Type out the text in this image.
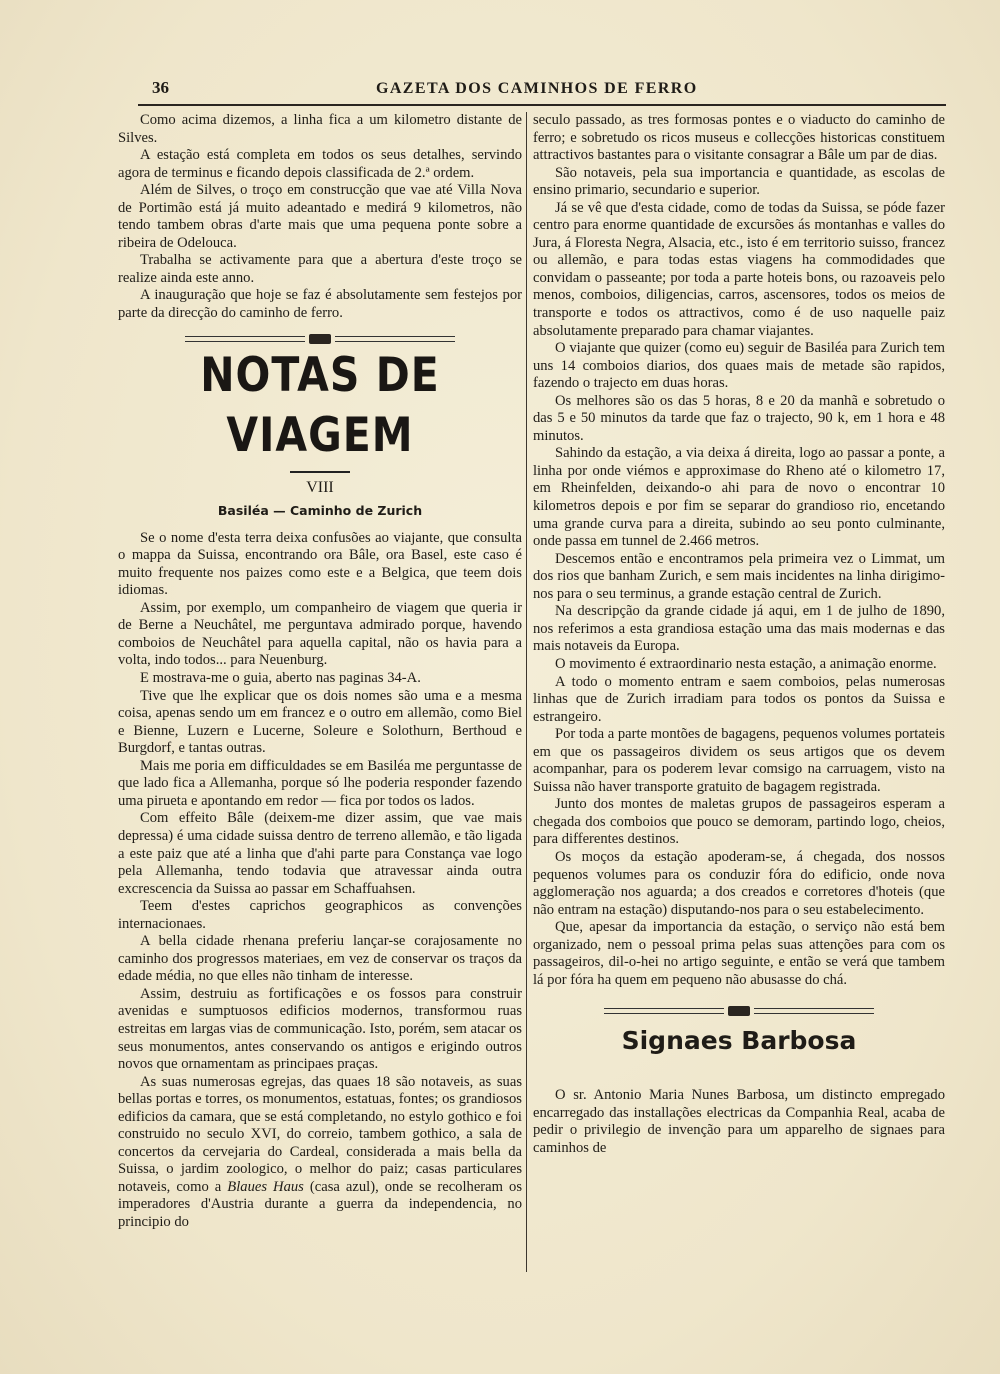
36	GAZETA DOS CAMINHOS DE FERRO

Como acima dizemos, a linha fica a um kilometro distante de Silves.

A estação está completa em todos os seus detalhes, servindo agora de terminus e ficando depois classificada de 2.ª ordem.

Além de Silves, o troço em construcção que vae até Villa Nova de Portimão está já muito adeantado e medirá 9 kilometros, não tendo tambem obras d'arte mais que uma pequena ponte sobre a ribeira de Odelouca.

Trabalha se activamente para que a abertura d'este troço se realize ainda este anno.

A inauguração que hoje se faz é absolutamente sem festejos por parte da direcção do caminho de ferro.

NOTAS DE VIAGEM
VIII
Basiléa — Caminho de Zurich

Se o nome d'esta terra deixa confusões ao viajante, que consulta o mappa da Suissa, encontrando ora Bâle, ora Basel, este caso é muito frequente nos paizes como este e a Belgica, que teem dois idiomas.

Assim, por exemplo, um companheiro de viagem que queria ir de Berne a Neuchâtel, me perguntava admirado porque, havendo comboios de Neuchâtel para aquella capital, não os havia para a volta, indo todos... para Neuenburg.

E mostrava-me o guia, aberto nas paginas 34-A.

Tive que lhe explicar que os dois nomes são uma e a mesma coisa, apenas sendo um em francez e o outro em allemão, como Biel e Bienne, Luzern e Lucerne, Soleure e Solothurn, Berthoud e Burgdorf, e tantas outras.

Mais me poria em difficuldades se em Basiléa me perguntasse de que lado fica a Allemanha, porque só lhe poderia responder fazendo uma pirueta e apontando em redor — fica por todos os lados.

Com effeito Bâle (deixem-me dizer assim, que vae mais depressa) é uma cidade suissa dentro de terreno allemão, e tão ligada a este paiz que até a linha que d'ahi parte para Constança vae logo pela Allemanha, tendo todavia que atravessar ainda outra excrescencia da Suissa ao passar em Schaffuahsen.

Teem d'estes caprichos geographicos as convenções internacionaes.

A bella cidade rhenana preferiu lançar-se corajosamente no caminho dos progressos materiaes, em vez de conservar os traços da edade média, no que elles não tinham de interesse.

Assim, destruiu as fortificações e os fossos para construir avenidas e sumptuosos edificios modernos, transformou ruas estreitas em largas vias de communicação. Isto, porém, sem atacar os seus monumentos, antes conservando os antigos e erigindo outros novos que ornamentam as principaes praças.

As suas numerosas egrejas, das quaes 18 são notaveis, as suas bellas portas e torres, os monumentos, estatuas, fontes; os grandiosos edificios da camara, que se está completando, no estylo gothico e foi construido no seculo XVI, do correio, tambem gothico, a sala de concertos da cervejaria do Cardeal, considerada a mais bella da Suissa, o jardim zoologico, o melhor do paiz; casas particulares notaveis, como a Blaues Haus (casa azul), onde se recolheram os imperadores d'Austria durante a guerra da independencia, no principio do

seculo passado, as tres formosas pontes e o viaducto do caminho de ferro; e sobretudo os ricos museus e collecções historicas constituem attractivos bastantes para o visitante consagrar a Bâle um par de dias.

São notaveis, pela sua importancia e quantidade, as escolas de ensino primario, secundario e superior.

Já se vê que d'esta cidade, como de todas da Suissa, se póde fazer centro para enorme quantidade de excursões ás montanhas e valles do Jura, á Floresta Negra, Alsacia, etc., isto é em territorio suisso, francez ou allemão, e para todas estas viagens ha commodidades que convidam o passeante; por toda a parte hoteis bons, ou razoaveis pelo menos, comboios, diligencias, carros, ascensores, todos os meios de transporte e todos os attractivos, como é de uso naquelle paiz absolutamente preparado para chamar viajantes.

O viajante que quizer (como eu) seguir de Basiléa para Zurich tem uns 14 comboios diarios, dos quaes mais de metade são rapidos, fazendo o trajecto em duas horas.

Os melhores são os das 5 horas, 8 e 20 da manhã e sobretudo o das 5 e 50 minutos da tarde que faz o trajecto, 90 k, em 1 hora e 48 minutos.

Sahindo da estação, a via deixa á direita, logo ao passar a ponte, a linha por onde viémos e approximase do Rheno até o kilometro 17, em Rheinfelden, deixando-o ahi para de novo o encontrar 10 kilometros depois e por fim se separar do grandioso rio, encetando uma grande curva para a direita, subindo ao seu ponto culminante, onde passa em tunnel de 2.466 metros.

Descemos então e encontramos pela primeira vez o Limmat, um dos rios que banham Zurich, e sem mais incidentes na linha dirigimo-nos para o seu terminus, a grande estação central de Zurich.

Na descripção da grande cidade já aqui, em 1 de julho de 1890, nos referimos a esta grandiosa estação uma das mais modernas e das mais notaveis da Europa.

O movimento é extraordinario nesta estação, a animação enorme.

A todo o momento entram e saem comboios, pelas numerosas linhas que de Zurich irradiam para todos os pontos da Suissa e estrangeiro.

Por toda a parte montões de bagagens, pequenos volumes portateis em que os passageiros dividem os seus artigos que os devem acompanhar, para os poderem levar comsigo na carruagem, visto na Suissa não haver transporte gratuito de bagagem registrada.

Junto dos montes de maletas grupos de passageiros esperam a chegada dos comboios que pouco se demoram, partindo logo, cheios, para differentes destinos.

Os moços da estação apoderam-se, á chegada, dos nossos pequenos volumes para os conduzir fóra do edificio, onde nova agglomeração nos aguarda; a dos creados e corretores d'hoteis (que não entram na estação) disputando-nos para o seu estabelecimento.

Que, apesar da importancia da estação, o serviço não está bem organizado, nem o pessoal prima pelas suas attenções para com os passageiros, dil-o-hei no artigo seguinte, e então se verá que tambem lá por fóra ha quem em pequeno não abusasse do chá.

Signaes Barbosa

O sr. Antonio Maria Nunes Barbosa, um distincto empregado encarregado das installações electricas da Companhia Real, acaba de pedir o privilegio de invenção para um apparelho de signaes para caminhos de
